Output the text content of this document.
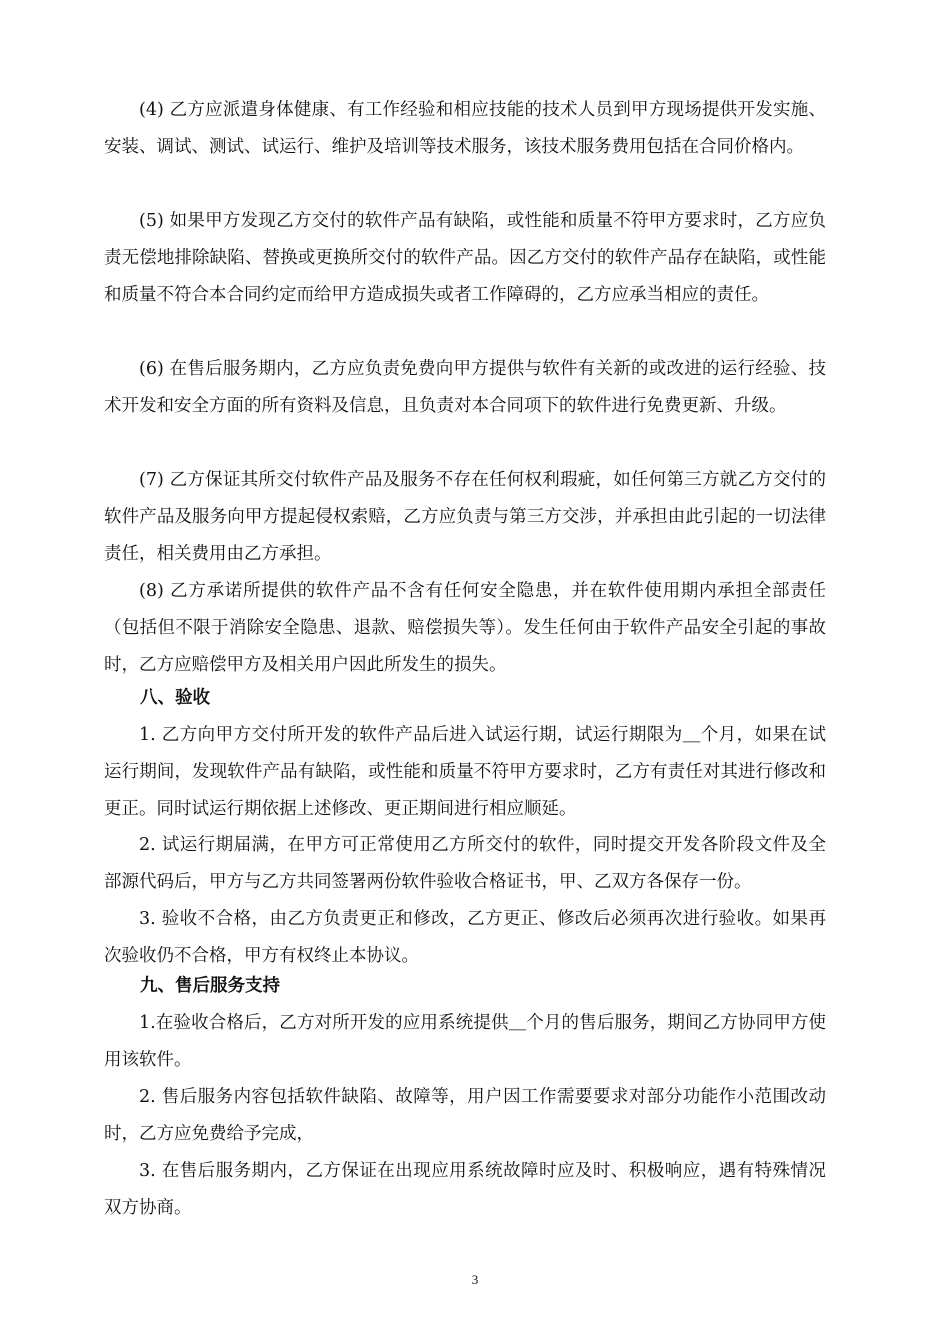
(4) 乙方应派遣身体健康、有工作经验和相应技能的技术人员到甲方现场提供开发实施、安装、调试、测试、试运行、维护及培训等技术服务，该技术服务费用包括在合同价格内。

(5) 如果甲方发现乙方交付的软件产品有缺陷，或性能和质量不符甲方要求时，乙方应负责无偿地排除缺陷、替换或更换所交付的软件产品。因乙方交付的软件产品存在缺陷，或性能和质量不符合本合同约定而给甲方造成损失或者工作障碍的，乙方应承当相应的责任。

(6) 在售后服务期内，乙方应负责免费向甲方提供与软件有关新的或改进的运行经验、技术开发和安全方面的所有资料及信息，且负责对本合同项下的软件进行免费更新、升级。

(7) 乙方保证其所交付软件产品及服务不存在任何权利瑕疵，如任何第三方就乙方交付的软件产品及服务向甲方提起侵权索赔，乙方应负责与第三方交涉，并承担由此引起的一切法律责任，相关费用由乙方承担。

(8) 乙方承诺所提供的软件产品不含有任何安全隐患，并在软件使用期内承担全部责任（包括但不限于消除安全隐患、退款、赔偿损失等）。发生任何由于软件产品安全引起的事故时，乙方应赔偿甲方及相关用户因此所发生的损失。

八、验收

1. 乙方向甲方交付所开发的软件产品后进入试运行期，试运行期限为＿个月，如果在试运行期间，发现软件产品有缺陷，或性能和质量不符甲方要求时，乙方有责任对其进行修改和更正。同时试运行期依据上述修改、更正期间进行相应顺延。

2. 试运行期届满，在甲方可正常使用乙方所交付的软件，同时提交开发各阶段文件及全部源代码后，甲方与乙方共同签署两份软件验收合格证书，甲、乙双方各保存一份。

3. 验收不合格，由乙方负责更正和修改，乙方更正、修改后必须再次进行验收。如果再次验收仍不合格，甲方有权终止本协议。

九、售后服务支持

1.在验收合格后，乙方对所开发的应用系统提供＿个月的售后服务，期间乙方协同甲方使用该软件。

2. 售后服务内容包括软件缺陷、故障等，用户因工作需要要求对部分功能作小范围改动时，乙方应免费给予完成，

3. 在售后服务期内，乙方保证在出现应用系统故障时应及时、积极响应，遇有特殊情况双方协商。

3
